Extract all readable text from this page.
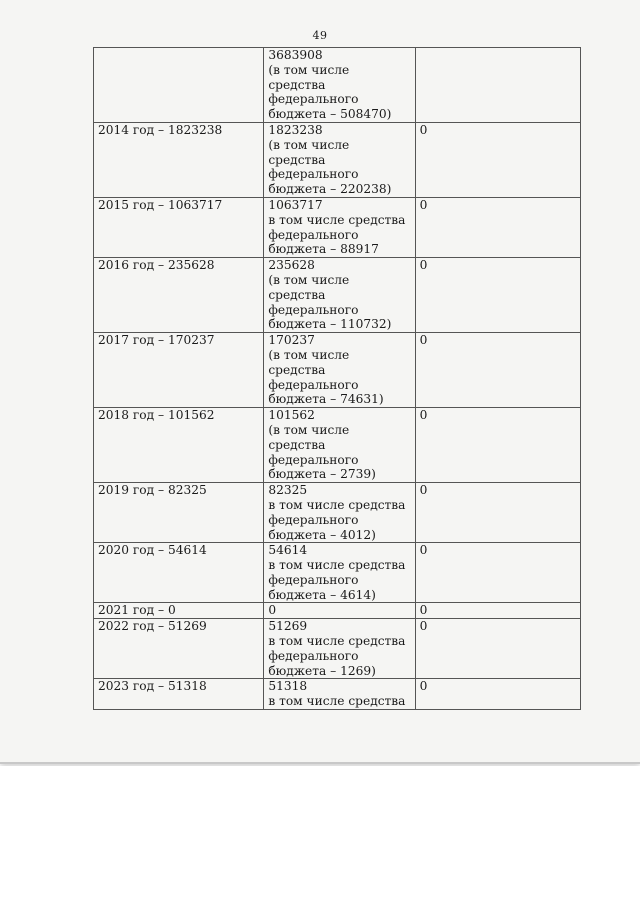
49

	3683908
(в том числе
средства
федерального
бюджета – 508470)	

2014 год – 1823238	1823238
(в том числе
средства
федерального
бюджета – 220238)	0
2015 год – 1063717	1063717
в том числе средства
федерального
бюджета – 88917	0
2016 год – 235628	235628
(в том числе
средства
федерального
бюджета – 110732)	0
2017 год – 170237	170237
(в том числе
средства
федерального
бюджета – 74631)	0
2018 год – 101562	101562
(в том числе
средства
федерального
бюджета – 2739)	0
2019 год – 82325	82325
в том числе средства
федерального
бюджета – 4012)	0
2020 год – 54614	54614
в том числе средства
федерального
бюджета – 4614)	0
2021 год – 0	0	0
2022 год – 51269	51269
в том числе средства
федерального
бюджета – 1269)	0
2023 год – 51318	51318
в том числе средства	0
